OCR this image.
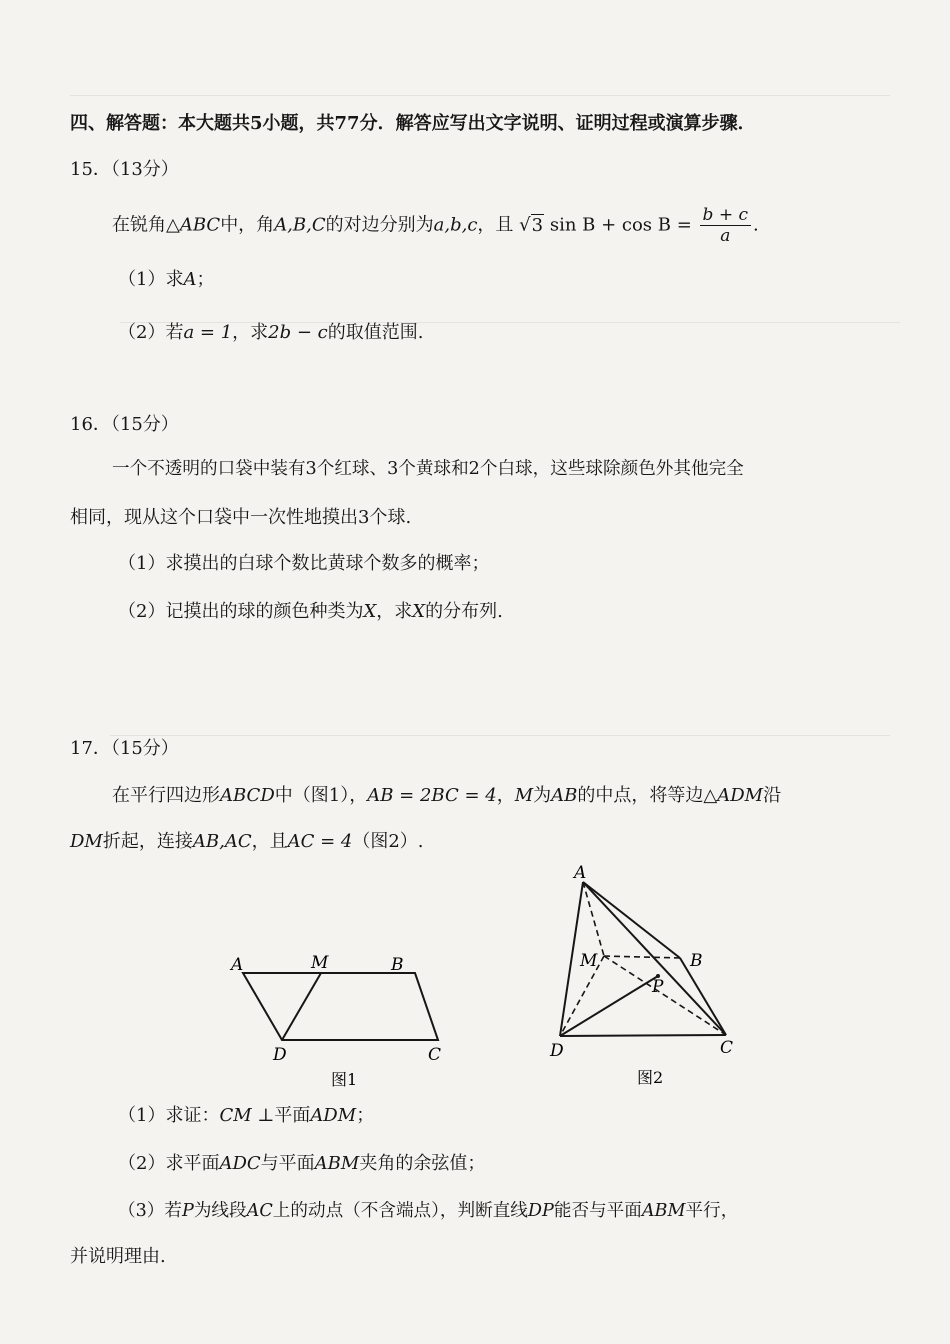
四、解答题：本大题共5小题，共77分．解答应写出文字说明、证明过程或演算步骤．
15．（13分）
在锐角△ABC中，角A,B,C的对边分别为a,b,c，且 √3 $\sin B + \cos B = \frac{b + c}{a}$ .
（1）求A；
（2）若a = 1，求2b − c的取值范围.
16．（15分）
一个不透明的口袋中装有3个红球、3个黄球和2个白球，这些球除颜色外其他完全
相同，现从这个口袋中一次性地摸出3个球.
（1）求摸出的白球个数比黄球个数多的概率；
（2）记摸出的球的颜色种类为X，求X的分布列.
17．（15分）
在平行四边形ABCD中（图1），AB = 2BC = 4，M为AB的中点，将等边△ADM沿
DM折起，连接AB,AC，且AC = 4（图2）.
A	M	B
D	C
图1
A
M	B
P
D	C
图2
（1）求证：CM ⊥平面ADM；
（2）求平面ADC与平面ABM夹角的余弦值；
（3）若P为线段AC上的动点（不含端点），判断直线DP能否与平面ABM平行，
并说明理由.
